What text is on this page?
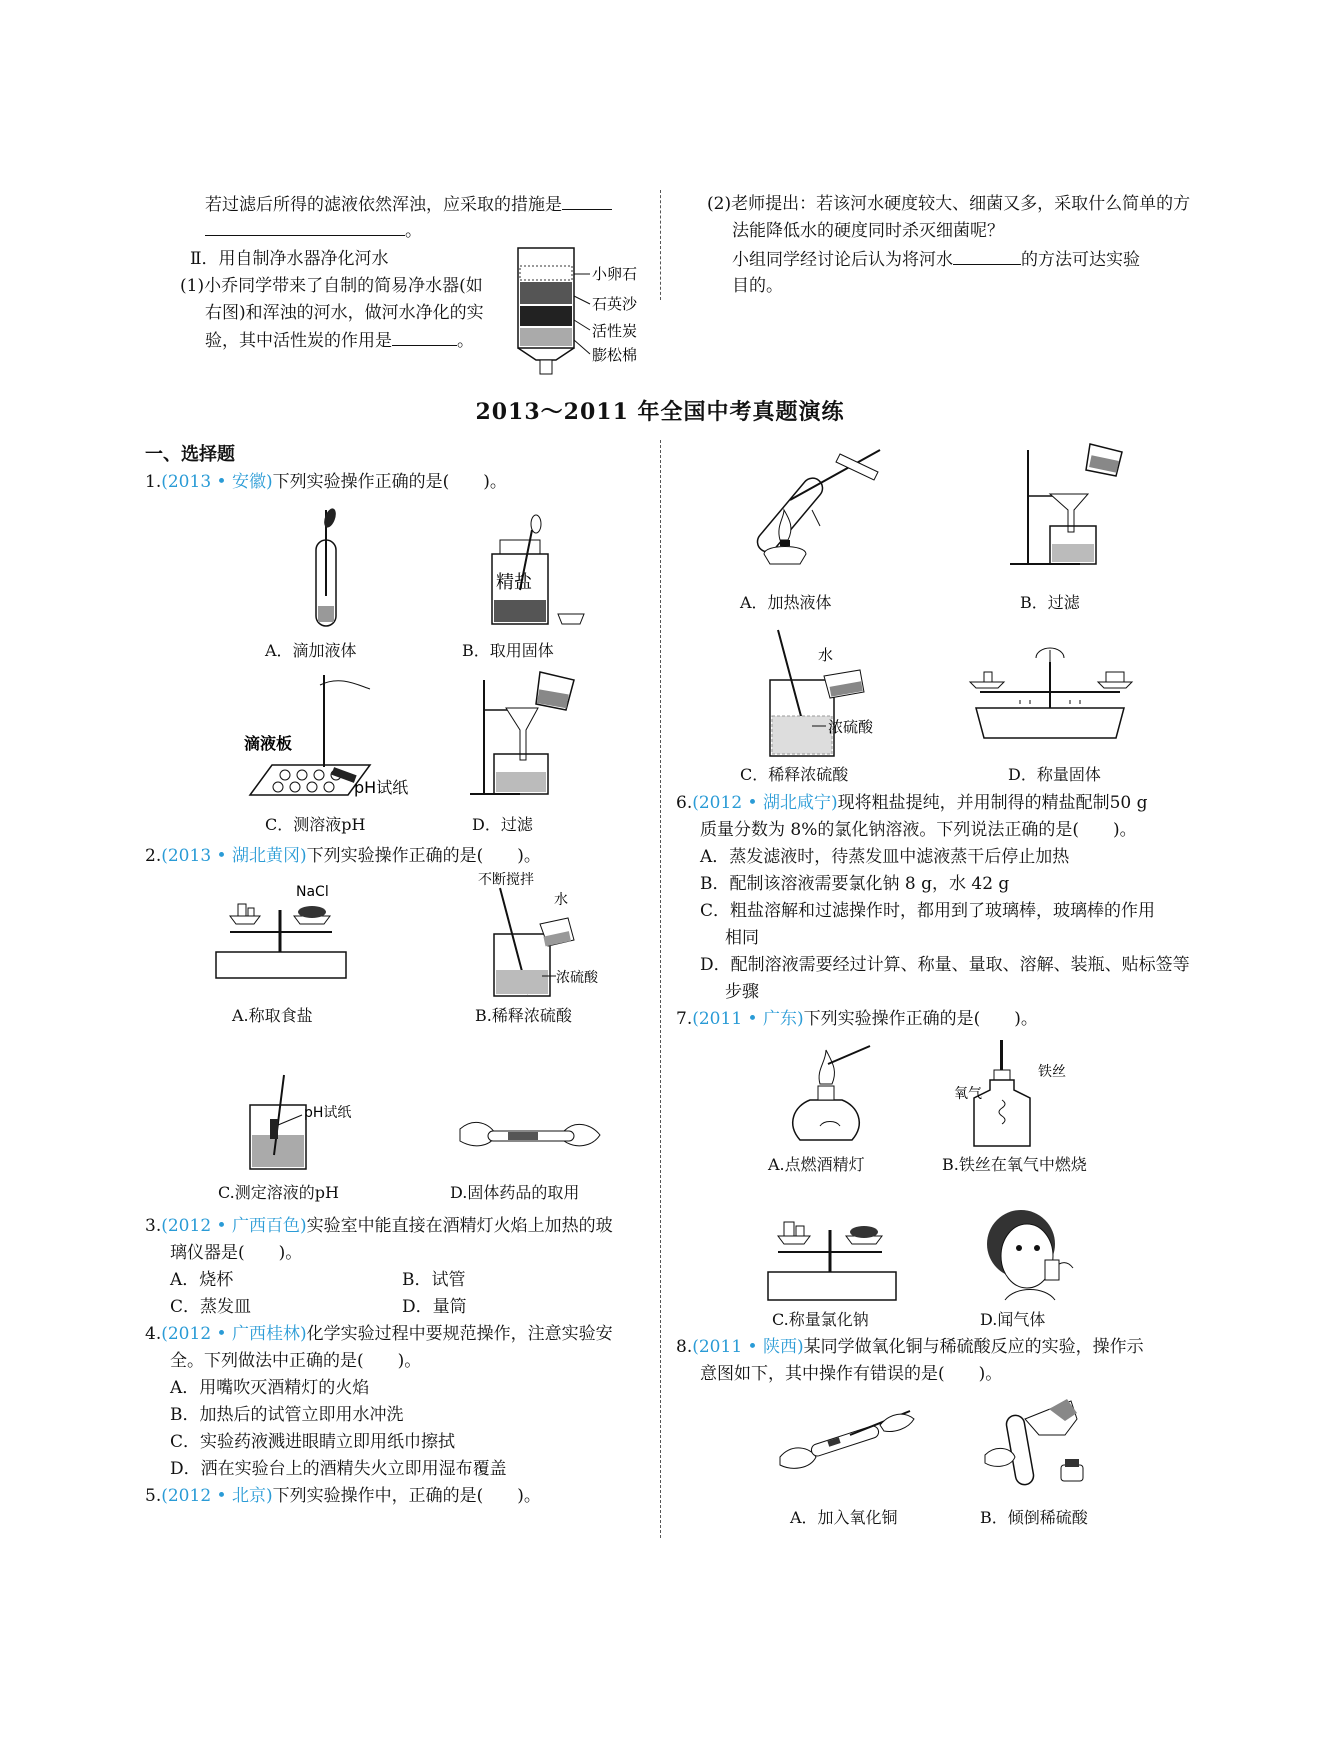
若过滤后所得的滤液依然浑浊，应采取的措施是
。
Ⅱ．用自制净水器净化河水
(1)小乔同学带来了自制的简易净水器(如
右图)和浑浊的河水，做河水净化的实
验，其中活性炭的作用是	。
小卵石
石英沙
活性炭
膨松棉
(2)老师提出：若该河水硬度较大、细菌又多，采取什么简单的方
法能降低水的硬度同时杀灭细菌呢？
小组同学经讨论后认为将河水	的方法可达实验
目的。
2013～2011 年全国中考真题演练
一、选择题
1.(2013 • 安徽)下列实验操作正确的是(　　)。
A．滴加液体
精盐
B．取用固体
滴液板
pH试纸
C．测溶液pH	D．过滤
2.(2013 • 湖北黄冈)下列实验操作正确的是(　　)。
NaCl
A.称取食盐
不断搅拌
水
浓硫酸
B.稀释浓硫酸
pH试纸
C.测定溶液的pH	D.固体药品的取用
3.(2012 • 广西百色)实验室中能直接在酒精灯火焰上加热的玻
璃仪器是(　　)。
A．烧杯	B．试管
C．蒸发皿	D．量筒
4.(2012 • 广西桂林)化学实验过程中要规范操作，注意实验安
全。下列做法中正确的是(　　)。
A．用嘴吹灭酒精灯的火焰
B．加热后的试管立即用水冲洗
C．实验药液溅进眼睛立即用纸巾擦拭
D．洒在实验台上的酒精失火立即用湿布覆盖
5.(2012 • 北京)下列实验操作中，正确的是(　　)。
A．加热液体	B．过滤
水
浓硫酸
C．稀释浓硫酸	D．称量固体
6.(2012 • 湖北咸宁)现将粗盐提纯，并用制得的精盐配制50 g
质量分数为 8%的氯化钠溶液。下列说法正确的是(　　)。
A．蒸发滤液时，待蒸发皿中滤液蒸干后停止加热
B．配制该溶液需要氯化钠 8 g，水 42 g
C．粗盐溶解和过滤操作时，都用到了玻璃棒，玻璃棒的作用
相同
D．配制溶液需要经过计算、称量、量取、溶解、装瓶、贴标签等
步骤
7.(2011 • 广东)下列实验操作正确的是(　　)。
A.点燃酒精灯
氧气
铁丝
B.铁丝在氧气中燃烧
C.称量氯化钠	D.闻气体
8.(2011 • 陕西)某同学做氧化铜与稀硫酸反应的实验，操作示
意图如下，其中操作有错误的是(　　)。
A．加入氧化铜	B．倾倒稀硫酸
